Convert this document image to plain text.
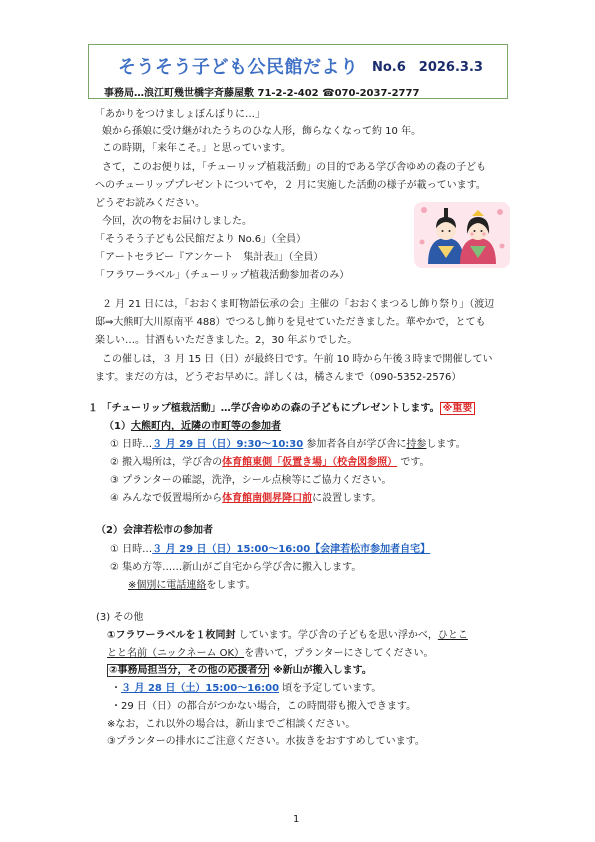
そうそう子ども公民館だより No.6　2026.3.3
事務局…浪江町幾世橋字斉藤屋敷 71-2-2-402 ☎070-2037-2777
「あかりをつけましょぼんぼりに…」
娘から孫娘に受け継がれたうちのひな人形，飾らなくなって約 10 年。
この時期，「来年こそ。」と思っています。
さて，このお便りは，「チューリップ植栽活動」の目的である学び舎ゆめの森の子ども
へのチューリッププレゼントについてや，２ 月に実施した活動の様子が載っています。
どうぞお読みください。
今回，次の物をお届けしました。
「そうそう子ども公民館だより No.6」（全員）
「アートセラピー『アンケート　集計表』」（全員）
「フラワーラベル」（チューリップ植栽活動参加者のみ）
２ 月 21 日には，「おおくま町物語伝承の会」主催の「おおくまつるし飾り祭り」（渡辺
邸⇒大熊町大川原南平 488）でつるし飾りを見せていただきました。華やかで，とても
楽しい…。甘酒もいただきました。2，30 年ぶりでした。
この催しは，３ 月 15 日（日）が最終日です。午前 10 時から午後３時まで開催してい
ます。まだの方は，どうぞお早めに。詳しくは，橘さんまで（090-5352-2576）
１ 「チューリップ植栽活動」…学び舎ゆめの森の子どもにプレゼントします。 ※重要
（1）大熊町内，近隣の市町等の参加者
① 日時…３ 月 29 日（日）9:30～10:30 参加者各自が学び舎に持参します。
② 搬入場所は，学び舎の体育館東側「仮置き場」（校舎図参照） です。
③ プランターの確認，洗浄，シール点検等にご協力ください。
④ みんなで仮置場所から体育館南側昇降口前に設置します。
（2）会津若松市の参加者
① 日時…３ 月 29 日（日）15:00～16:00【会津若松市参加者自宅】
② 集め方等……新山がご自宅から学び舎に搬入します。
※個別に電話連絡をします。
(3) その他
①フラワーラベルを１枚同封 しています。学び舎の子どもを思い浮かべ，ひとこ
とと名前（ニックネーム OK）を書いて，プランターにさしてください。
②事務局担当分，その他の応援者分 ※新山が搬入します。
・３ 月 28 日（土）15:00～16:00 頃を予定しています。
・29 日（日）の都合がつかない場合，この時間帯も搬入できます。
※なお，これ以外の場合は，新山までご相談ください。
③プランターの排水にご注意ください。水抜きをおすすめしています。
1
